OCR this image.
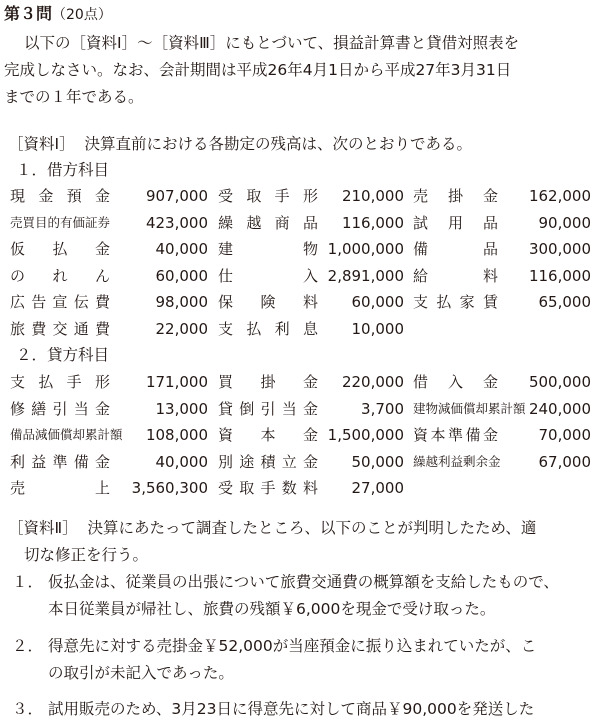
第３問（20点）
以下の［資料Ⅰ］～［資料Ⅲ］にもとづいて、損益計算書と貸借対照表を
完成しなさい。なお、会計期間は平成26年4月1日から平成27年3月31日
までの１年である。
［資料Ⅰ］ 決算直前における各勘定の残高は、次のとおりである。
１．借方科目
現 金 預 金 907,000 受 取 手 形 210,000 売 掛 金 162,000
売買目的有価証券 423,000 繰 越 商 品 116,000 試 用 品	90,000
仮 払 金	40,000 建	物 1,000,000 備	品 300,000
の れ ん	60,000 仕	入 2,891,000 給	料 116,000
広 告 宣 伝 費	98,000 保 険 料 60,000 支 払 家 賃	65,000
旅 費 交 通 費	22,000 支 払 利 息 10,000
２．貸方科目
支 払 手 形 171,000 買 掛 金 220,000 借 入 金 500,000
修 繕 引 当 金	13,000 貸 倒 引 当 金	3,700 建物減価償却累計額 240,000
備品減価償却累計額 108,000 資 本 金 1,500,000 資 本 準 備 金	70,000
利 益 準 備 金	40,000 別 途 積 立 金 50,000 繰越利益剰余金	67,000
売	上 3,560,300 受 取 手 数 料 27,000
［資料Ⅱ］ 決算にあたって調査したところ、以下のことが判明したため、適
切な修正を行う。
１． 仮払金は、従業員の出張について旅費交通費の概算額を支給したもので、
本日従業員が帰社し、旅費の残額￥6,000を現金で受け取った。
２． 得意先に対する売掛金￥52,000が当座預金に振り込まれていたが、こ
の取引が未記入であった。
３． 試用販売のため、3月23日に得意先に対して商品￥90,000を発送した
